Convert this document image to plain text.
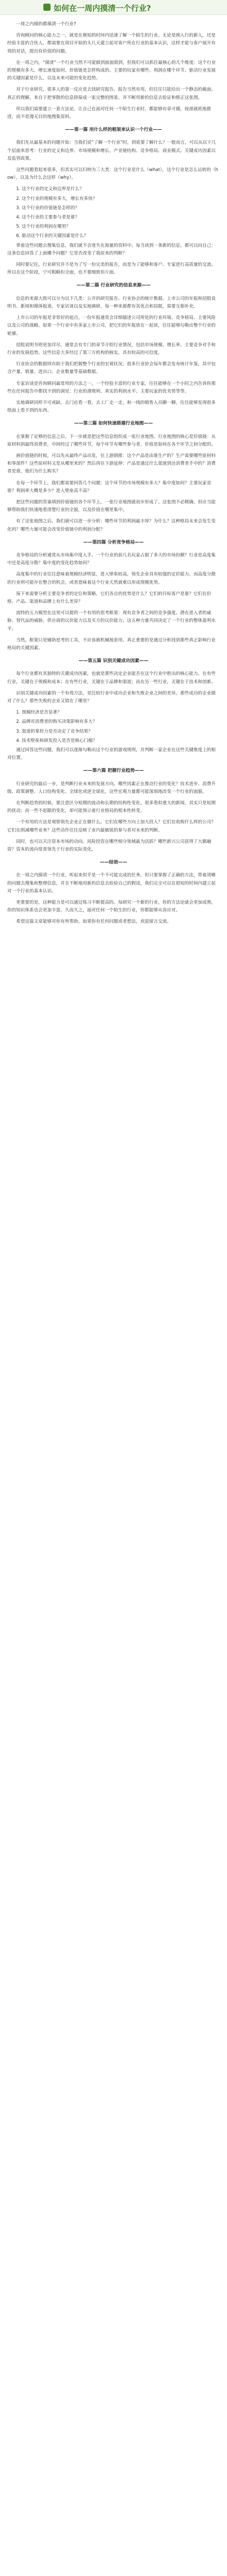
如何在一周内摸清一个行业?

一周之内摸的都摸清一个行业?

咨询顾问的核心能力之一，就是在极短的时间内迅速了解一个陌生的行业。无论是刚入行的新人，还是经验丰富的合伙人，都需要在项目开始的头几天建立起对客户所在行业的基本认识，这样才能与客户展开有效的对话，提出有价值的问题。

在一周之内，“摸清”一个行业当然不可能做到面面俱到，但我们可以抓住最核心的几个维度：这个行业的规模有多大、增长速度如何、价值链是怎样构成的、主要的玩家有哪些、利润在哪个环节、驱动行业发展的关键因素是什么，以及未来可能的变化趋势。

对于行业研究，很多人的第一反应是去找研究报告。报告当然有用，但往往只能给出一个静态的截面。真正的理解，来自于把零散的信息拼接成一张完整的图景，并不断用新的信息去验证和修正这张图。

所以我们需要建立一套方法论，让自己在面对任何一个陌生行业时，都能够有章可循，按部就班地推进，而不是漫无目的地搜集资料。

——第一篇 用什么样的框架来认识一个行业——

我们先从最基本的问题开始：当我们说“了解一个行业”时，到底要了解什么？一般而言，可以从以下几个层面来思考：行业的定义和边界、市场规模和增长、产业链结构、竞争格局、商业模式、关键成功因素以及监管政策。

这些问题看起来很多，但其实可以归纳为三大类：这个行业是什么（what），这个行业是怎么运转的（how），以及为什么会这样（why）。

1. 这个行业的定义和边界是什么？

2. 这个行业的规模有多大，增长有多快？

3. 这个行业的价值链是怎样的？

4. 这个行业的主要参与者是谁？

5. 这个行业的利润在哪里？

6. 驱动这个行业的关键因素是什么？

带着这些问题去搜集信息，我们就不会迷失在海量的资料中。每当读到一条新的信息，都可以问自己：这条信息回答了上面哪个问题？它是否改变了我原来的判断？

同时要记住，行业研究并不是为了写一份完美的报告，而是为了能够和客户、专家进行高质量的交流。所以在这个阶段，宁可粗略但全面，也不要细致但片面。

——第二篇 行业研究的信息来源——

信息的来源大致可以分为以下几类：公开的研究报告、行业协会的统计数据、上市公司的年报和招股说明书、新闻和媒体报道、专家访谈以及实地调研。每一种来源都有其优点和局限，需要互相补充。

上市公司的年报是非常好的起点。一份年报通常会详细描述公司所处的行业环境、竞争格局、主要风险以及公司的战略。如果一个行业中有多家上市公司，把它们的年报放在一起读，往往能够勾勒出整个行业的轮廓。

招股说明书则更加详尽，通常会有专门的章节介绍行业情况，包括市场规模、增长率、主要竞争对手和行业的发展趋势。这些信息大多经过了第三方机构的核实，具有较高的可信度。

行业协会的数据则有助于我们把握整个行业的宏观状况。很多行业协会每年都会发布统计年鉴，其中包含产量、销量、进出口、企业数量等基础数据。

专家访谈是咨询顾问最常用的方法之一。一个经验丰富的行业专家，往往能够在一个小时之内告诉你那些在任何报告中都找不到的洞见：行业的潜规则、真实的利润水平、主要玩家的优劣势等等。

实地调研同样不可或缺。去门店看一看，去工厂走一走，和一线的销售人员聊一聊，往往能够发现很多纸面上看不到的东西。

——第三篇 如何快速搭建行业地图——

在掌握了足够的信息之后，下一步就是把这些信息组织成一张行业地图。行业地图的核心是价值链：从原材料到最终消费者，中间经过了哪些环节，每个环节有哪些参与者，价值是如何在各个环节之间分配的。

画价值链的时候，可以先从最终产品出发，往上游倒推：这个产品是由谁生产的？生产需要哪些原材料和零部件？这些原材料又是从哪里来的？然后再往下游延伸：产品是通过什么渠道到达消费者手中的？消费者是谁，他们为什么购买？

在每一个环节上，我们都需要回答几个问题：这个环节的市场规模有多大？集中度如何？主要玩家是谁？利润率大概是多少？进入壁垒高不高？

把这些问题的答案填到价值链的各个环节上，一张行业地图就初步形成了。这张图不必精确，但应当能够帮助我们快速地看清楚行业的全貌，以及价值在哪里集中。

有了这张地图之后，我们就可以进一步分析：哪些环节的利润最丰厚？为什么？这种格局未来会发生变化吗？哪些力量可能会改变价值链中的利润分配？

——第四篇 分析竞争格局——

竞争格局的分析通常从市场集中度入手。一个行业的前几名玩家占据了多大的市场份额？行业是高度集中还是高度分散？集中度的变化趋势如何？

高度集中的行业往往意味着规模经济明显，进入壁垒较高，领先企业具有较强的定价能力。而高度分散的行业则可能存在整合的机会，或者意味着这个行业天然就难以形成规模优势。

接下来需要分析主要竞争者的定位和策略。它们各自的优势是什么？它们的目标客户是谁？它们在价格、产品、渠道和品牌上有什么差异？

波特的五力模型在这里可以提供一个有用的思考框架：现有竞争者之间的竞争强度、潜在进入者的威胁、替代品的威胁、供应商的议价能力以及买方的议价能力。这五种力量共同决定了一个行业的整体盈利水平。

当然，框架只是辅助思考的工具，不应该被机械地套用。真正重要的是通过分析找到那些真正影响行业格局的关键因素。

——第五篇 识别关键成功因素——

每个行业都有其独特的关键成功因素，也就是那些决定企业能否在这个行业中胜出的核心能力。在有些行业，关键在于规模和成本；在有些行业，关键在于品牌和渠道；而在另一些行业，关键在于技术和创新。

识别关键成功因素的一个有效方法，是比较行业中成功企业和失败企业之间的差异。那些成功的企业做对了什么？那些失败的企业又错在了哪里？

1. 规模经济是否显著？

2. 品牌对消费者的购买决策影响有多大？

3. 渠道的掌控力是否决定了竞争结果？

4. 技术壁垒和研发投入是否是核心门槛？

通过回答这些问题，我们可以逐渐勾勒出这个行业的游戏规则，并判断一家企业在这些关键维度上的相对位置。

——第六篇 把握行业趋势——

行业研究的最后一步，是判断行业未来的发展方向。哪些因素正在推动行业的变化？技术进步、消费升级、政策调整、人口结构变化、全球化或逆全球化，这些宏观力量都可能深刻地改变一个行业的面貌。

在判断趋势的时候，要注意区分短期的波动和长期的结构性变化。很多看似重大的新闻，其实只是短期的扰动；而一些不起眼的变化，却可能预示着行业格局的根本性转变。

一个有用的方法是观察领先企业正在做什么。它们在哪些方向上加大投入？它们在收购什么样的公司？它们在削减哪些业务？这些动作往往反映了业内最敏锐的参与者对未来的判断。

同时，也可以关注资本市场的动向。风险投资在哪些细分领域最为活跃？哪些新兴公司获得了大额融资？资本的流向常常领先于行业的实际变化。

——结语——

在一周之内摸清一个行业，听起来似乎是一个不可能完成的任务。但只要掌握了正确的方法，带着清晰的问题去搜集和整理信息，并且不断地用新的信息去检验自己的假设，我们完全可以在很短的时间内建立起对一个行业的基本认识。

更重要的是，这种能力是可以通过练习不断提高的。每研究一个新的行业，你的方法论就会更加成熟，你的知识体系也会更加丰富。久而久之，面对任何一个陌生的行业，你都能够从容应对。

希望这篇文章能够对你有所帮助。如果你有任何问题或者想法，欢迎留言交流。
